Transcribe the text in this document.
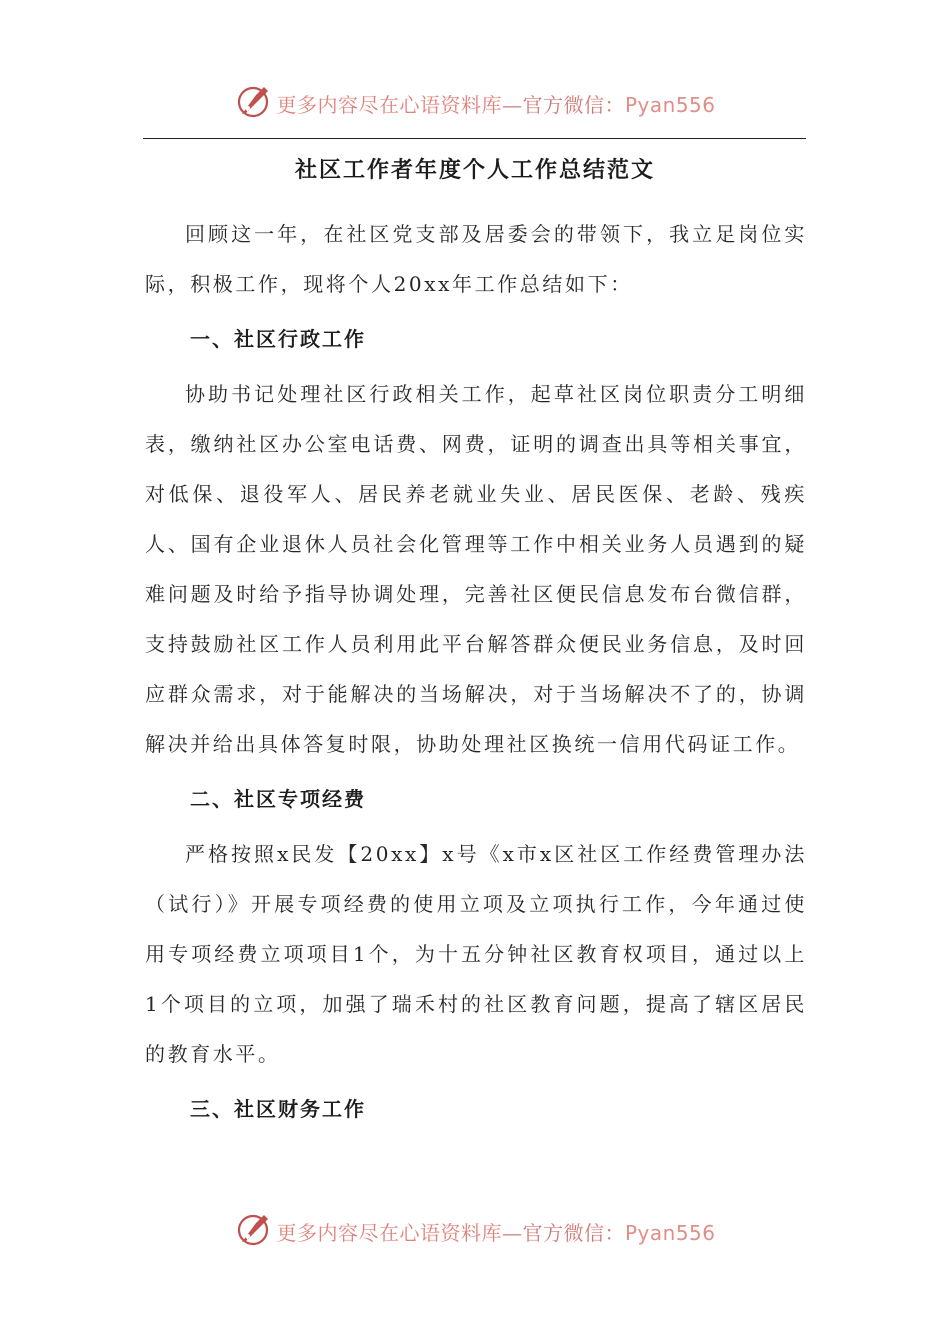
更多内容尽在心语资料库—官方微信：Pyan556
社区工作者年度个人工作总结范文

回顾这一年，在社区党支部及居委会的带领下，我立足岗位实际，积极工作，现将个人20xx年工作总结如下：

一、社区行政工作

协助书记处理社区行政相关工作，起草社区岗位职责分工明细表，缴纳社区办公室电话费、网费，证明的调查出具等相关事宜，对低保、退役军人、居民养老就业失业、居民医保、老龄、残疾人、国有企业退休人员社会化管理等工作中相关业务人员遇到的疑难问题及时给予指导协调处理，完善社区便民信息发布台微信群，支持鼓励社区工作人员利用此平台解答群众便民业务信息，及时回应群众需求，对于能解决的当场解决，对于当场解决不了的，协调解决并给出具体答复时限，协助处理社区换统一信用代码证工作。

二、社区专项经费

严格按照x民发【20xx】x号《x市x区社区工作经费管理办法（试行）》开展专项经费的使用立项及立项执行工作，今年通过使用专项经费立项项目1个，为十五分钟社区教育权项目，通过以上1个项目的立项，加强了瑞禾村的社区教育问题，提高了辖区居民的教育水平。

三、社区财务工作

更多内容尽在心语资料库—官方微信：Pyan556
